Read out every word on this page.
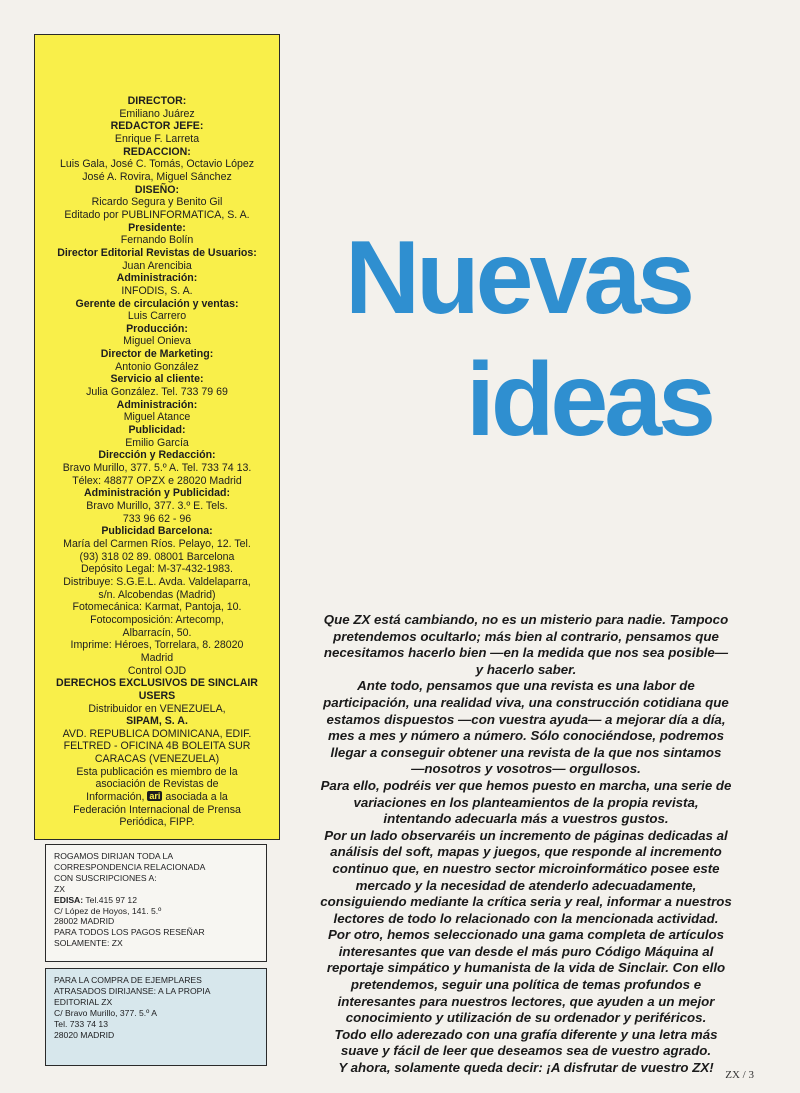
DIRECTOR:
Emiliano Juárez
REDACTOR JEFE:
Enrique F. Larreta
REDACCION:
Luis Gala, José C. Tomás, Octavio López
José A. Rovira, Miguel Sánchez
DISEÑO:
Ricardo Segura y Benito Gil
Editado por PUBLINFORMATICA, S. A.
Presidente:
Fernando Bolín
Director Editorial Revistas de Usuarios:
Juan Arencibia
Administración:
INFODIS, S. A.
Gerente de circulación y ventas:
Luis Carrero
Producción:
Miguel Onieva
Director de Marketing:
Antonio González
Servicio al cliente:
Julia González. Tel. 733 79 69
Administración:
Miguel Atance
Publicidad:
Emilio García
Dirección y Redacción:
Bravo Murillo, 377. 5.º A. Tel. 733 74 13.
Télex: 48877 OPZX e 28020 Madrid
Administración y Publicidad:
Bravo Murillo, 377. 3.º E. Tels.
733 96 62 - 96
Publicidad Barcelona:
María del Carmen Ríos. Pelayo, 12. Tel.
(93) 318 02 89. 08001 Barcelona
Depósito Legal: M-37-432-1983.
Distribuye: S.G.E.L. Avda. Valdelaparra,
s/n. Alcobendas (Madrid)
Fotomecánica: Karmat, Pantoja, 10.
Fotocomposición: Artecomp,
Albarracín, 50.
Imprime: Héroes, Torrelara, 8. 28020
Madrid
Control OJD
DERECHOS EXCLUSIVOS DE SINCLAIR
USERS
Distribuidor en VENEZUELA,
SIPAM, S. A.
AVD. REPUBLICA DOMINICANA, EDIF.
FELTRED - OFICINA 4B BOLEITA SUR
CARACAS (VENEZUELA)
Esta publicación es miembro de la
asociación de Revistas de
Información, ari asociada a la
Federación Internacional de Prensa
Periódica, FIPP.
ROGAMOS DIRIJAN TODA LA
CORRESPONDENCIA RELACIONADA
CON SUSCRIPCIONES A:
ZX
EDISA: Tel.415 97 12
C/ López de Hoyos, 141. 5.º
28002 MADRID
PARA TODOS LOS PAGOS RESEÑAR
SOLAMENTE: ZX
PARA LA COMPRA DE EJEMPLARES
ATRASADOS DIRIJANSE: A LA PROPIA
EDITORIAL ZX
C/ Bravo Murillo, 377. 5.º A
Tel. 733 74 13
28020 MADRID
Nuevas
ideas
Que ZX está cambiando, no es un misterio para nadie. Tampoco
pretendemos ocultarlo; más bien al contrario, pensamos que
necesitamos hacerlo bien —en la medida que nos sea posible—
y hacerlo saber.
Ante todo, pensamos que una revista es una labor de
participación, una realidad viva, una construcción cotidiana que
estamos dispuestos —con vuestra ayuda— a mejorar día a día,
mes a mes y número a número. Sólo conociéndose, podremos
llegar a conseguir obtener una revista de la que nos sintamos
—nosotros y vosotros— orgullosos.
Para ello, podréis ver que hemos puesto en marcha, una serie de
variaciones en los planteamientos de la propia revista,
intentando adecuarla más a vuestros gustos.
Por un lado observaréis un incremento de páginas dedicadas al
análisis del soft, mapas y juegos, que responde al incremento
continuo que, en nuestro sector microinformático posee este
mercado y la necesidad de atenderlo adecuadamente,
consiguiendo mediante la crítica seria y real, informar a nuestros
lectores de todo lo relacionado con la mencionada actividad.
Por otro, hemos seleccionado una gama completa de artículos
interesantes que van desde el más puro Código Máquina al
reportaje simpático y humanista de la vida de Sinclair. Con ello
pretendemos, seguir una política de temas profundos e
interesantes para nuestros lectores, que ayuden a un mejor
conocimiento y utilización de su ordenador y periféricos.
Todo ello aderezado con una grafía diferente y una letra más
suave y fácil de leer que deseamos sea de vuestro agrado.
Y ahora, solamente queda decir: ¡A disfrutar de vuestro ZX!	ZX / 3
